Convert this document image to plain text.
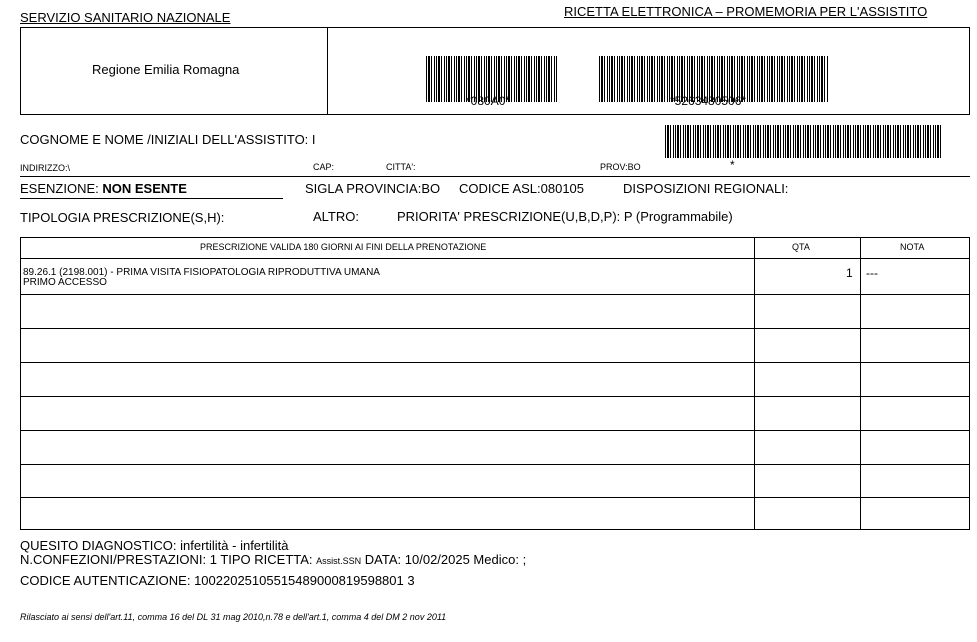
SERVIZIO SANITARIO NAZIONALE	RICETTA ELETTRONICA – PROMEMORIA PER L'ASSISTITO
Regione Emilia Romagna
*080A0*	*5263480506*
COGNOME E NOME /INIZIALI DELL'ASSISTITO: I
*
INDIRIZZO:\	CAP:	CITTA':	PROV:BO
ESENZIONE: NON ESENTE	SIGLA PROVINCIA:BO CODICE ASL:080105	DISPOSIZIONI REGIONALI:
TIPOLOGIA PRESCRIZIONE(S,H):	ALTRO:	PRIORITA' PRESCRIZIONE(U,B,D,P): P (Programmabile)
PRESCRIZIONE VALIDA 180 GIORNI AI FINI DELLA PRENOTAZIONE	QTA	NOTA
89.26.1 (2198.001) - PRIMA VISITA FISIOPATOLOGIA RIPRODUTTIVA UMANA
PRIMO ACCESSO
1 ---
QUESITO DIAGNOSTICO: infertilità - infertilità
N.CONFEZIONI/PRESTAZIONI: 1 TIPO RICETTA: Assist.SSN DATA: 10/02/2025 Medico: ;
CODICE AUTENTICAZIONE: 10022025105515489000819598801 3
Rilasciato ai sensi dell'art.11, comma 16 del DL 31 mag 2010,n.78 e dell'art.1, comma 4 del DM 2 nov 2011
